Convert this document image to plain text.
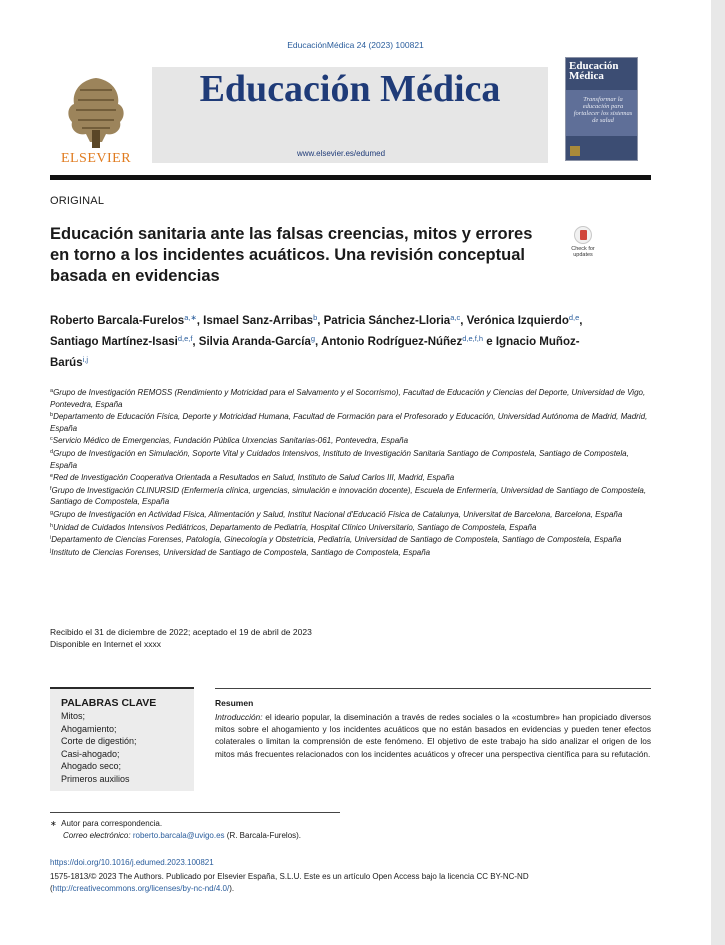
EducaciónMédica 24 (2023) 100821
ELSEVIER
Educación Médica
www.elsevier.es/edumed
Educación Médica
Transformar la educación para fortalecer los sistemas de salud
ORIGINAL
Educación sanitaria ante las falsas creencias, mitos y errores en torno a los incidentes acuáticos. Una revisión conceptual basada en evidencias
Check for updates
Roberto Barcala-Furelos$^{a,∗}$, Ismael Sanz-Arribas$^b$, Patricia Sánchez-Lloria$^{a,c}$, Verónica Izquierdo$^{d,e}$, Santiago Martínez-Isasi$^{d,e,f}$, Silvia Aranda-García$^g$, Antonio Rodríguez-Núñez$^{d,e,f,h}$ e Ignacio Muñoz-Barús$^{i,j}$
$^a$Grupo de Investigación REMOSS (Rendimiento y Motricidad para el Salvamento y el Socorrismo), Facultad de Educación y Ciencias del Deporte, Universidad de Vigo, Pontevedra, España
$^b$Departamento de Educación Física, Deporte y Motricidad Humana, Facultad de Formación para el Profesorado y Educación, Universidad Autónoma de Madrid, Madrid, España
$^c$Servicio Médico de Emergencias, Fundación Pública Urxencias Sanitarias-061, Pontevedra, España
$^d$Grupo de Investigación en Simulación, Soporte Vital y Cuidados Intensivos, Instituto de Investigación Sanitaria Santiago de Compostela, Santiago de Compostela, España
$^e$Red de Investigación Cooperativa Orientada a Resultados en Salud, Instituto de Salud Carlos III, Madrid, España
$^f$Grupo de Investigación CLINURSID (Enfermería clínica, urgencias, simulación e innovación docente), Escuela de Enfermería, Universidad de Santiago de Compostela, Santiago de Compostela, España
$^g$Grupo de Investigación en Actividad Física, Alimentación y Salud, Institut Nacional d'Educació Física de Catalunya, Universitat de Barcelona, Barcelona, España
$^h$Unidad de Cuidados Intensivos Pediátricos, Departamento de Pediatría, Hospital Clínico Universitario, Santiago de Compostela, España
$^i$Departamento de Ciencias Forenses, Patología, Ginecología y Obstetricia, Pediatría, Universidad de Santiago de Compostela, Santiago de Compostela, España
$^j$Instituto de Ciencias Forenses, Universidad de Santiago de Compostela, Santiago de Compostela, España
Recibido el 31 de diciembre de 2022; aceptado el 19 de abril de 2023
Disponible en Internet el xxxx
PALABRAS CLAVE
Mitos;
Ahogamiento;
Corte de digestión;
Casi-ahogado;
Ahogado seco;
Primeros auxilios
Resumen
Introducción: el ideario popular, la diseminación a través de redes sociales o la «costumbre» han propiciado diversos mitos sobre el ahogamiento y los incidentes acuáticos que no están basados en evidencias y pueden tener efectos colaterales o limitan la comprensión de este fenómeno. El objetivo de este trabajo ha sido analizar el origen de los mitos más frecuentes relacionados con los incidentes acuáticos y ofrecer una perspectiva científica para su refutación.
∗ Autor para correspondencia.
Correo electrónico: roberto.barcala@uvigo.es (R. Barcala-Furelos).
https://doi.org/10.1016/j.edumed.2023.100821
1575-1813/© 2023 The Authors. Publicado por Elsevier España, S.L.U. Este es un artículo Open Access bajo la licencia CC BY-NC-ND (http://creativecommons.org/licenses/by-nc-nd/4.0/).
